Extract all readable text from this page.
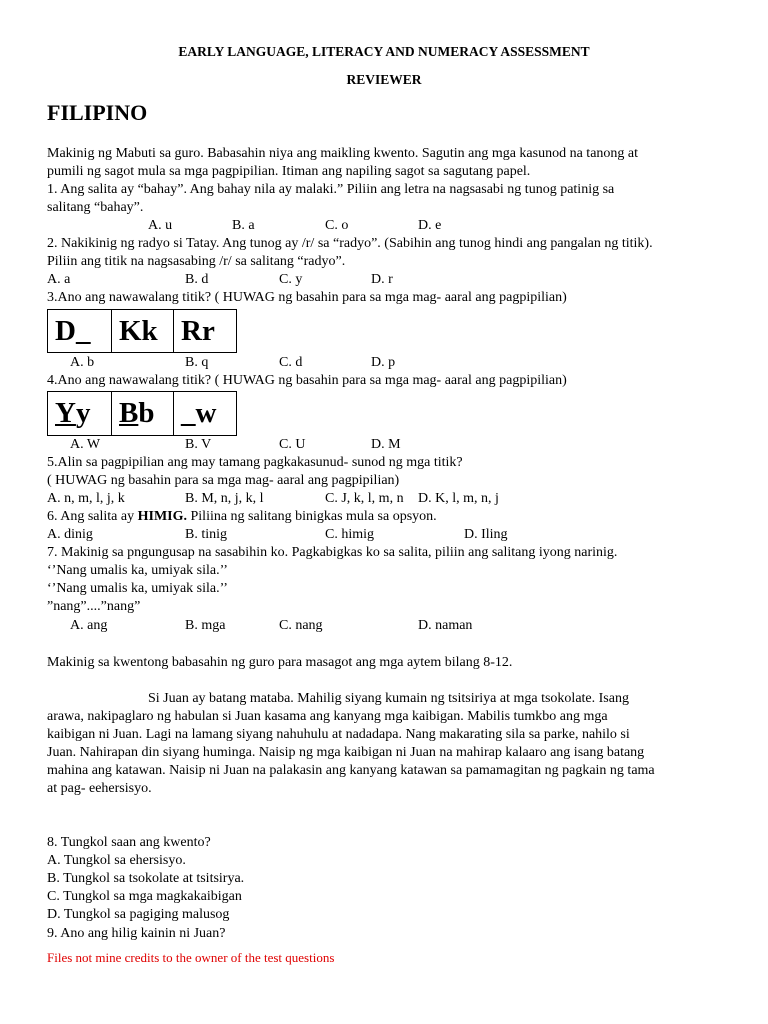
EARLY LANGUAGE, LITERACY AND NUMERACY ASSESSMENT
REVIEWER
FILIPINO
Makinig ng Mabuti sa guro. Babasahin niya ang maikling kwento. Sagutin ang mga kasunod na tanong at
pumili ng sagot mula sa mga pagpipilian. Itiman ang napiling sagot sa sagutang papel.
1. Ang salita ay “bahay”. Ang bahay nila ay malaki.” Piliin ang letra na nagsasabi ng tunog patinig sa
salitang “bahay”.
A. u	B. a	C. o	D. e
2. Nakikinig ng radyo si Tatay. Ang tunog ay /r/ sa “radyo”. (Sabihin ang tunog hindi ang pangalan ng titik).
Piliin ang titik na nagsasabing /r/ sa salitang “radyo”.
A. a	B. d	C. y	D. r
3.Ano ang nawawalang titik? ( HUWAG ng basahin para sa mga mag- aaral ang pagpipilian)
D_ Kk Rr
A. b	B. q	C. d	D. p
4.Ano ang nawawalang titik? ( HUWAG ng basahin para sa mga mag- aaral ang pagpipilian)
Y y B b _w
A. W	B. V	C. U	D. M
5.Alin sa pagpipilian ang may tamang pagkakasunud- sunod ng mga titik?
( HUWAG ng basahin para sa mga mag- aaral ang pagpipilian)
A. n, m, l, j, k	B. M, n, j, k, l	C. J, k, l, m, n D. K, l, m, n, j
6. Ang salita ay HIMIG. Piliina ng salitang binigkas mula sa opsyon.
A. dinig	B. tinig	C. himig	D. Iling
7. Makinig sa pngungusap na sasabihin ko. Pagkabigkas ko sa salita, piliin ang salitang iyong narinig.
‘’Nang umalis ka, umiyak sila.’’
‘’Nang umalis ka, umiyak sila.’’
”nang”....”nang”
A. ang	B. mga	C. nang	D. naman
Makinig sa kwentong babasahin ng guro para masagot ang mga aytem bilang 8-12.
Si Juan ay batang mataba. Mahilig siyang kumain ng tsitsiriya at mga tsokolate. Isang
arawa, nakipaglaro ng habulan si Juan kasama ang kanyang mga kaibigan. Mabilis tumkbo ang mga
kaibigan ni Juan. Lagi na lamang siyang nahuhulu at nadadapa. Nang makarating sila sa parke, nahilo si
Juan. Nahirapan din siyang huminga. Naisip ng mga kaibigan ni Juan na mahirap kalaaro ang isang batang
mahina ang katawan. Naisip ni Juan na palakasin ang kanyang katawan sa pamamagitan ng pagkain ng tama
at pag- eehersisyo.
8. Tungkol saan ang kwento?
A. Tungkol sa ehersisyo.
B. Tungkol sa tsokolate at tsitsirya.
C. Tungkol sa mga magkakaibigan
D. Tungkol sa pagiging malusog
9. Ano ang hilig kainin ni Juan?
Files not mine credits to the owner of the test questions
